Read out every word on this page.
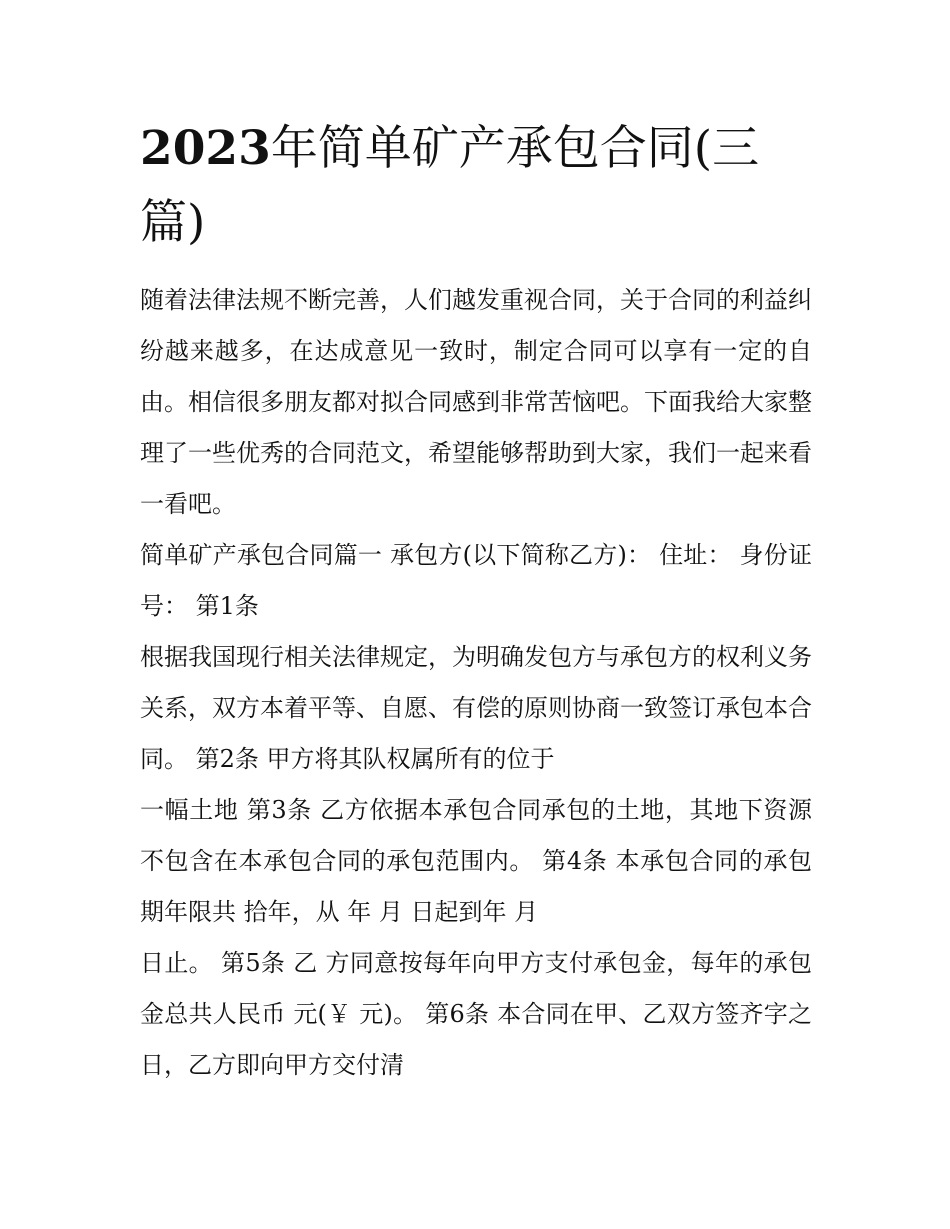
2023年简单矿产承包合同(三篇)

随着法律法规不断完善，人们越发重视合同，关于合同的利益纠纷越来越多，在达成意见一致时，制定合同可以享有一定的自由。相信很多朋友都对拟合同感到非常苦恼吧。下面我给大家整理了一些优秀的合同范文，希望能够帮助到大家，我们一起来看一看吧。

简单矿产承包合同篇一 承包方(以下简称乙方)： 住址： 身份证号： 第1条

根据我国现行相关法律规定，为明确发包方与承包方的权利义务关系，双方本着平等、自愿、有偿的原则协商一致签订承包本合同。 第2条 甲方将其队权属所有的位于

一幅土地 第3条 乙方依据本承包合同承包的土地，其地下资源不包含在本承包合同的承包范围内。 第4条 本承包合同的承包期年限共 拾年，从 年 月 日起到年 月

日止。 第5条 乙 方同意按每年向甲方支付承包金，每年的承包金总共人民币 元(￥ 元)。 第6条 本合同在甲、乙双方签齐字之日，乙方即向甲方交付清
